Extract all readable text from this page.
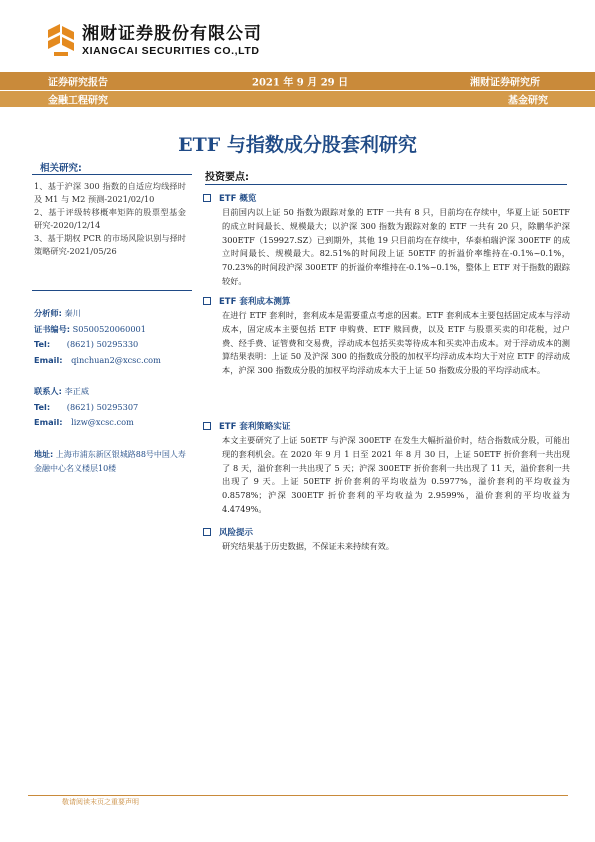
湘财证券股份有限公司
XIANGCAI SECURITIES CO.,LTD
证券研究报告	2021 年 9 月 29 日	湘财证券研究所
金融工程研究	基金研究
ETF 与指数成分股套利研究
相关研究:
1、基于沪深 300 指数的自适应均线择时及 M1 与 M2 预测-2021/02/10
2、基于评级转移概率矩阵的股票型基金研究-2020/12/14
3、基于期权 PCR 的市场风险识别与择时策略研究-2021/05/26
分析师: 秦川
证书编号: S0500520060001
Tel: (8621) 50295330
Email: qinchuan2@xcsc.com
联系人: 李正威
Tel: (8621) 50295307
Email: lizw@xcsc.com
地址: 上海市浦东新区银城路88号中国人寿金融中心名义楼层10楼
投资要点:
ETF 概览
目前国内以上证 50 指数为跟踪对象的 ETF 一共有 8 只，目前均在存续中，华夏上证 50ETF 的成立时间最长、规模最大；以沪深 300 指数为跟踪对象的 ETF 一共有 20 只，除鹏华沪深 300ETF（159927.SZ）已到期外，其他 19 只目前均在存续中，华泰柏瑞沪深 300ETF 的成立时间最长、规模最大。82.51%的时间段上证 50ETF 的折溢价率维持在-0.1%~0.1%，70.23%的时间段沪深 300ETF 的折溢价率维持在-0.1%~0.1%，整体上 ETF 对于指数的跟踪较好。
ETF 套利成本测算
在进行 ETF 套利时，套利成本是需要重点考虑的因素。ETF 套利成本主要包括固定成本与浮动成本，固定成本主要包括 ETF 申购费、ETF 赎回费，以及 ETF 与股票买卖的印花税，过户费、经手费、证管费和交易费，浮动成本包括买卖等待成本和买卖冲击成本。对于浮动成本的测算结果表明：上证 50 及沪深 300 的指数成分股的加权平均浮动成本均大于对应 ETF 的浮动成本，沪深 300 指数成分股的加权平均浮动成本大于上证 50 指数成分股的平均浮动成本。
ETF 套利策略实证
本文主要研究了上证 50ETF 与沪深 300ETF 在发生大幅折溢价时，结合指数成分股，可能出现的套利机会。在 2020 年 9 月 1 日至 2021 年 8 月 30 日，上证 50ETF 折价套利一共出现了 8 天，溢价套利一共出现了 5 天；沪深 300ETF 折价套利一共出现了 11 天，溢价套利一共出现了 9 天。上证 50ETF 折价套利的平均收益为 0.5977%，溢价套利的平均收益为 0.8578%；沪深 300ETF 折价套利的平均收益为 2.9599%，溢价套利的平均收益为 4.4749%。
风险提示
研究结果基于历史数据，不保证未来持续有效。
敬请阅读末页之重要声明
